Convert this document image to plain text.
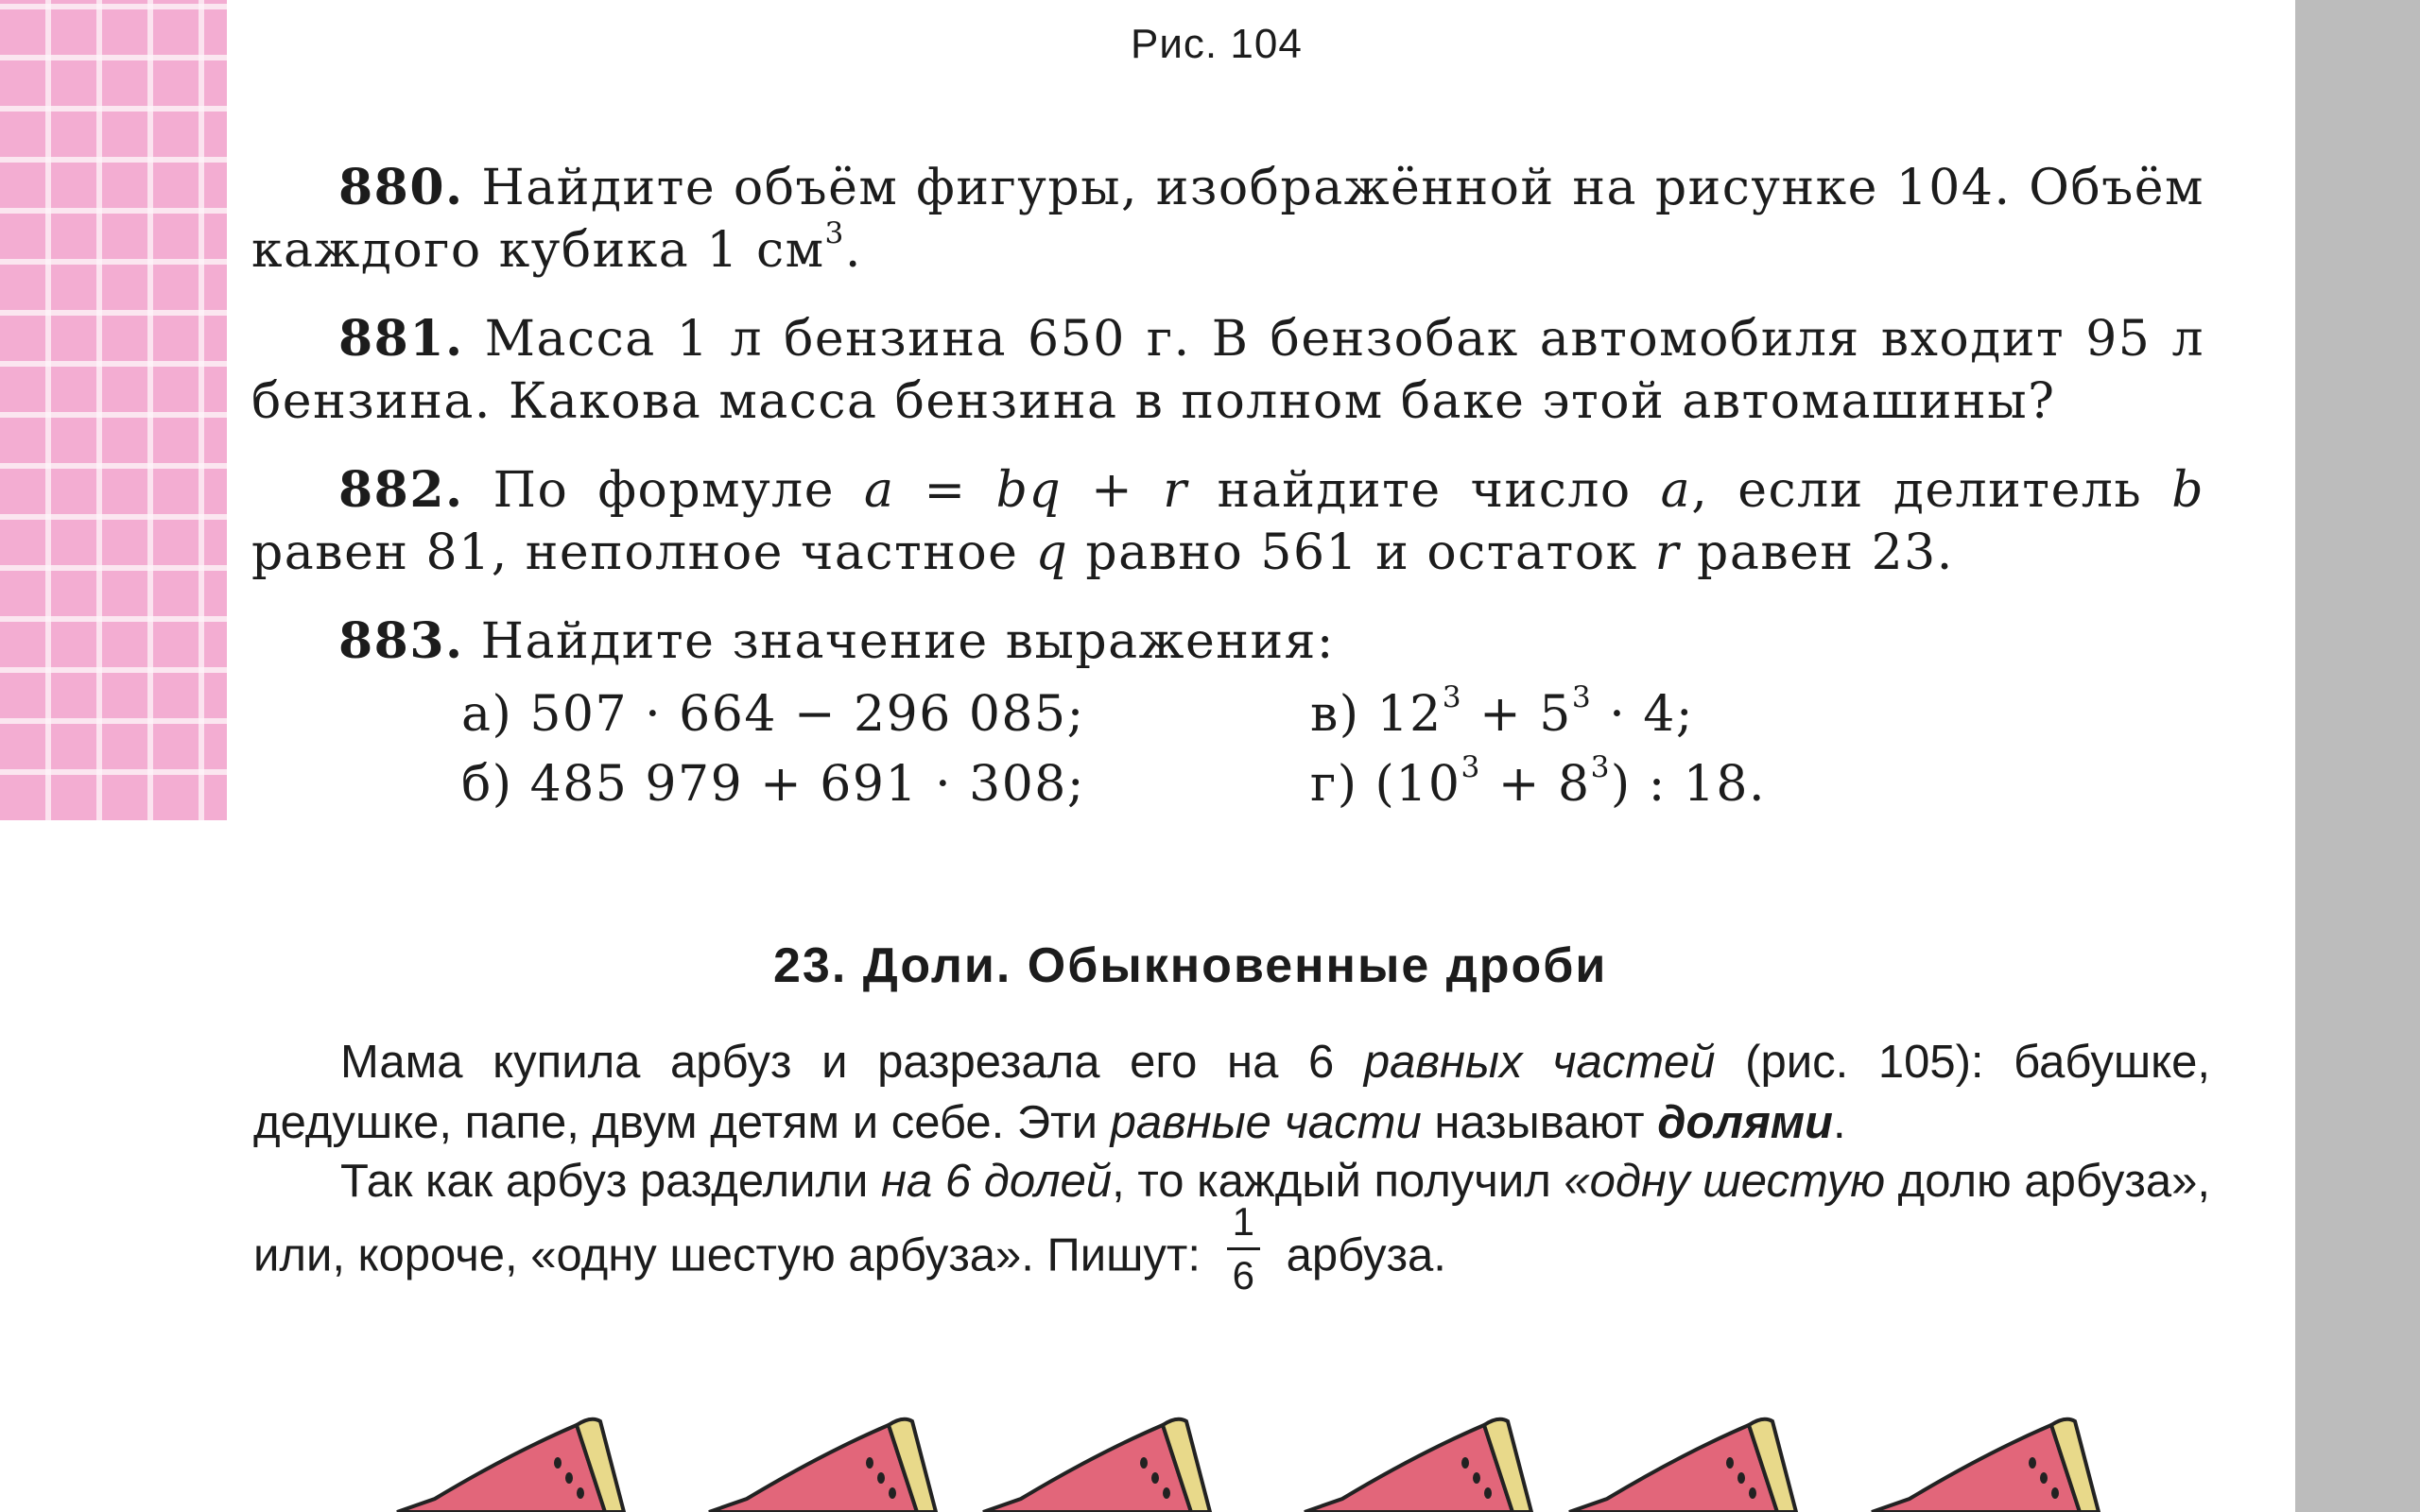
Рис. 104
880. Найдите объём фигуры, изображённой на рисунке 104. Объём каждого кубика 1 $см^3$.
881. Масса 1 л бензина 650 г. В бензобак автомобиля входит 95 л бензина. Какова масса бензина в полном баке этой автомашины?
882. По формуле a = bq + r найдите число a, если делитель b равен 81, неполное частное q равно 561 и остаток r равен 23.
883. Найдите значение выражения:
а) 507 · 664 − 296 085;
б) 485 979 + 691 · 308;
в) $12^3 + 5^3 \cdot 4$;
г) $(10^3 + 8^3)$ : 18.
23. Доли. Обыкновенные дроби
Мама купила арбуз и разрезала его на 6 равных частей (рис. 105): бабушке, дедушке, папе, двум детям и себе. Эти равные части называют долями.
Так как арбуз разделили на 6 долей, то каждый получил «одну шестую долю арбуза», или, короче, «одну шестую арбуза». Пишут: $\frac{1}{6}$ арбуза.
